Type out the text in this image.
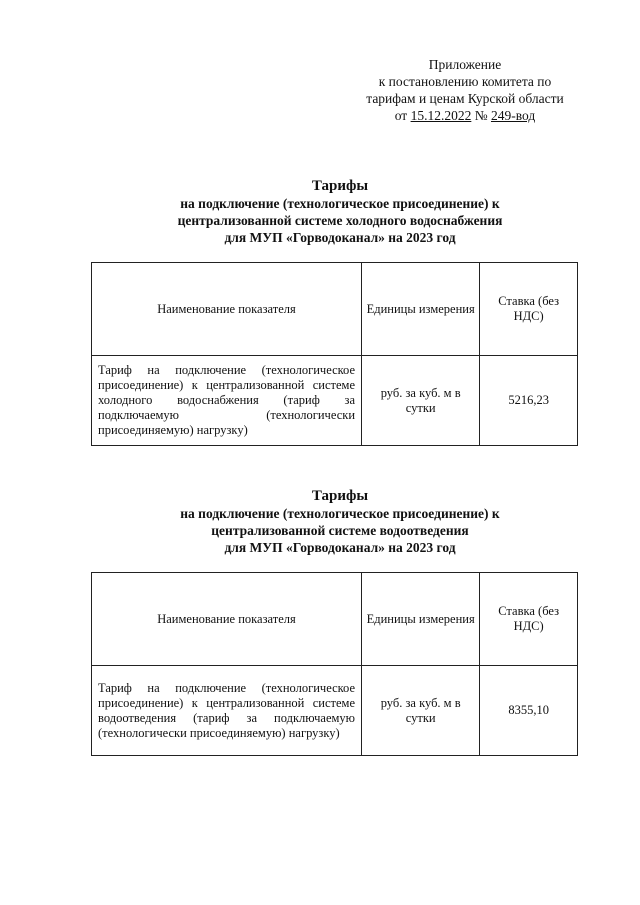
Приложение
к постановлению комитета по
тарифам и ценам Курской области
от 15.12.2022 № 249-вод
Тарифы
на подключение (технологическое присоединение) к
централизованной системе холодного водоснабжения
для МУП «Горводоканал» на 2023 год
Наименование показателя	Единицы измерения	Ставка (без НДС)
Тариф на подключение (технологическое присоединение) к централизованной системе холодного водоснабжения (тариф за подключаемую (технологически присоединяемую) нагрузку)	руб. за куб. м в сутки	5216,23
Тарифы
на подключение (технологическое присоединение) к
централизованной системе водоотведения
для МУП «Горводоканал» на 2023 год
Наименование показателя	Единицы измерения	Ставка (без НДС)
Тариф на подключение (технологическое присоединение) к централизованной системе водоотведения (тариф за подключаемую (технологически присоединяемую) нагрузку)	руб. за куб. м в сутки	8355,10
